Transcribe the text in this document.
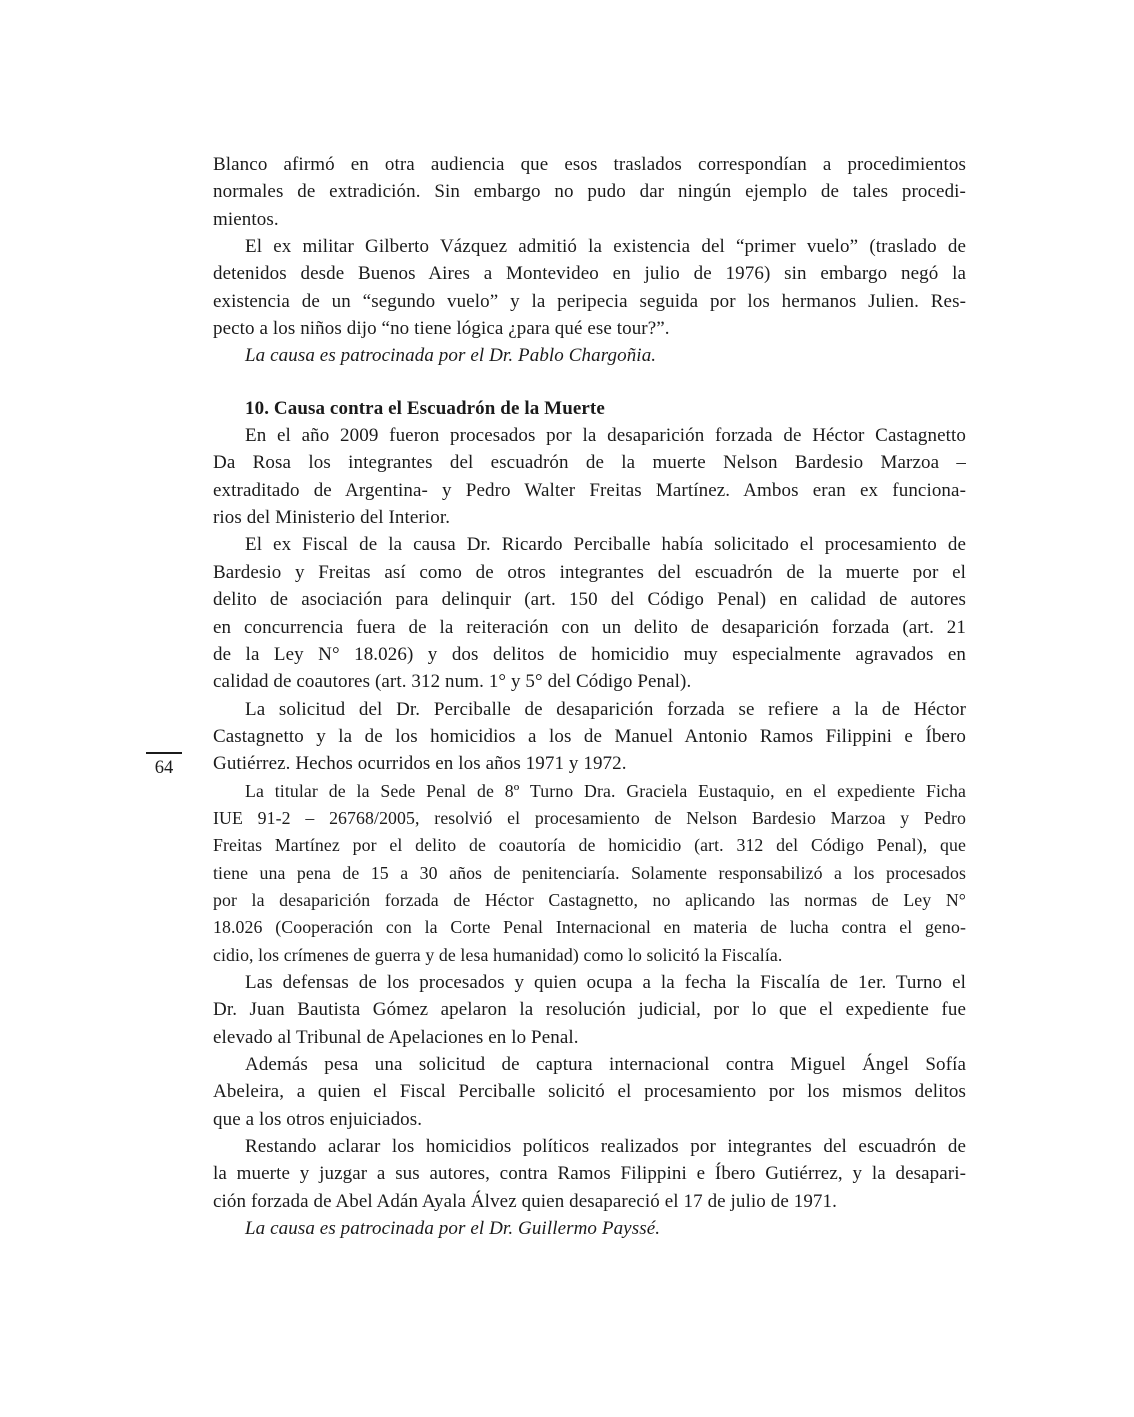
64
Blanco afirmó en otra audiencia que esos traslados correspondían a procedimientos
normales de extradición. Sin embargo no pudo dar ningún ejemplo de tales procedi-
mientos.
El ex militar Gilberto Vázquez admitió la existencia del “primer vuelo” (traslado de
detenidos desde Buenos Aires a Montevideo en julio de 1976) sin embargo negó la
existencia de un “segundo vuelo” y la peripecia seguida por los hermanos Julien. Res-
pecto a los niños dijo “no tiene lógica ¿para qué ese tour?”.
La causa es patrocinada por el Dr. Pablo Chargoñia.
10. Causa contra el Escuadrón de la Muerte
En el año 2009 fueron procesados por la desaparición forzada de Héctor Castagnetto
Da Rosa los integrantes del escuadrón de la muerte Nelson Bardesio Marzoa –
extraditado de Argentina- y Pedro Walter Freitas Martínez. Ambos eran ex funciona-
rios del Ministerio del Interior.
El ex Fiscal de la causa Dr. Ricardo Perciballe había solicitado el procesamiento de
Bardesio y Freitas así como de otros integrantes del escuadrón de la muerte por el
delito de asociación para delinquir (art. 150 del Código Penal) en calidad de autores
en concurrencia fuera de la reiteración con un delito de desaparición forzada (art. 21
de la Ley N° 18.026) y dos delitos de homicidio muy especialmente agravados en
calidad de coautores (art. 312 num. 1° y 5° del Código Penal).
La solicitud del Dr. Perciballe de desaparición forzada se refiere a la de Héctor
Castagnetto y la de los homicidios a los de Manuel Antonio Ramos Filippini e Íbero
Gutiérrez. Hechos ocurridos en los años 1971 y 1972.
La titular de la Sede Penal de 8º Turno Dra. Graciela Eustaquio, en el expediente Ficha
IUE 91-2 – 26768/2005, resolvió el procesamiento de Nelson Bardesio Marzoa y Pedro
Freitas Martínez por el delito de coautoría de homicidio (art. 312 del Código Penal), que
tiene una pena de 15 a 30 años de penitenciaría. Solamente responsabilizó a los procesados
por la desaparición forzada de Héctor Castagnetto, no aplicando las normas de Ley N°
18.026 (Cooperación con la Corte Penal Internacional en materia de lucha contra el geno-
cidio, los crímenes de guerra y de lesa humanidad) como lo solicitó la Fiscalía.
Las defensas de los procesados y quien ocupa a la fecha la Fiscalía de 1er. Turno el
Dr. Juan Bautista Gómez apelaron la resolución judicial, por lo que el expediente fue
elevado al Tribunal de Apelaciones en lo Penal.
Además pesa una solicitud de captura internacional contra Miguel Ángel Sofía
Abeleira, a quien el Fiscal Perciballe solicitó el procesamiento por los mismos delitos
que a los otros enjuiciados.
Restando aclarar los homicidios políticos realizados por integrantes del escuadrón de
la muerte y juzgar a sus autores, contra Ramos Filippini e Íbero Gutiérrez, y la desapari-
ción forzada de Abel Adán Ayala Álvez quien desapareció el 17 de julio de 1971.
La causa es patrocinada por el Dr. Guillermo Payssé.
